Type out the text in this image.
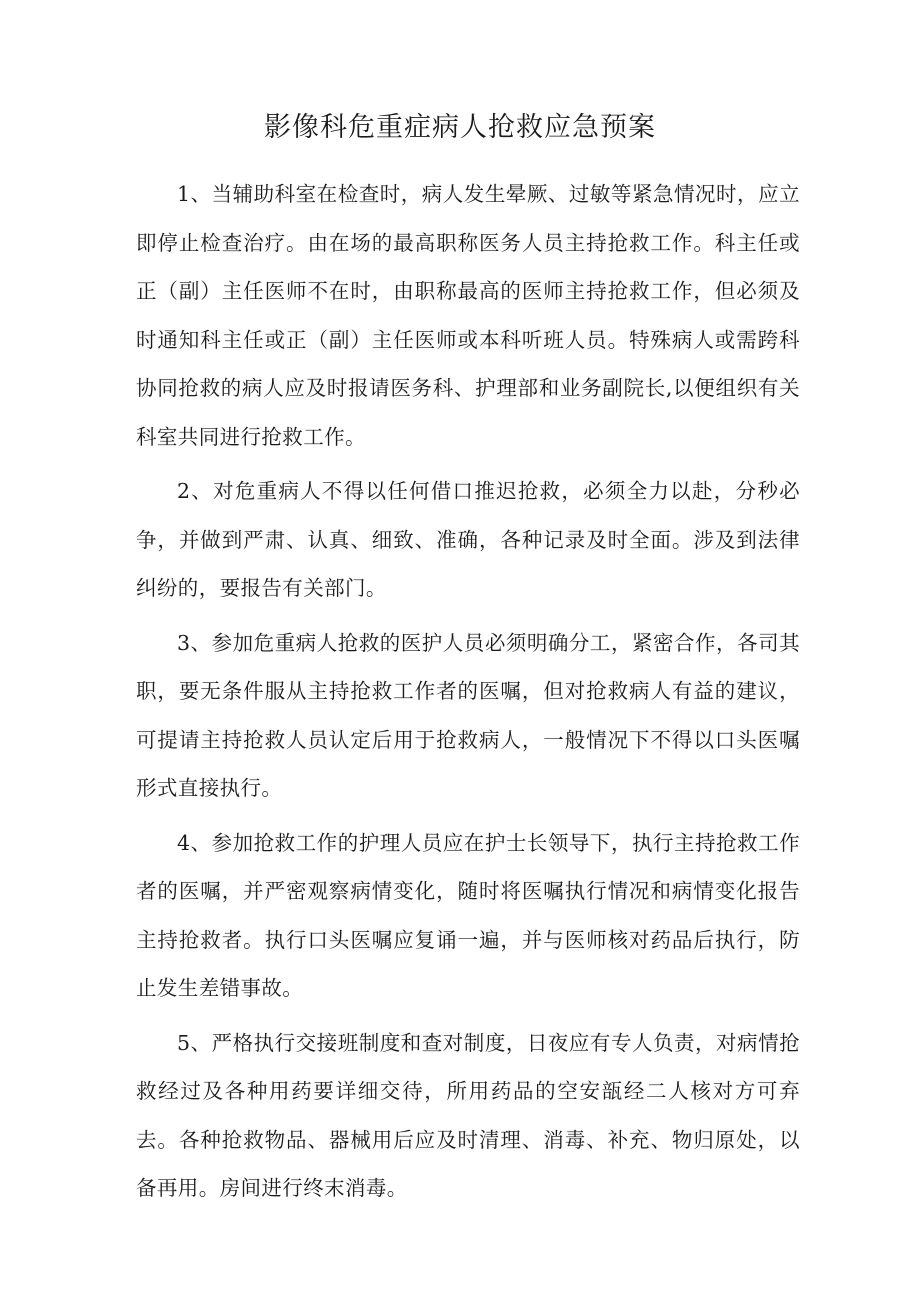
影像科危重症病人抢救应急预案

1、当辅助科室在检查时，病人发生晕厥、过敏等紧急情况时，应立即停止检查治疗。由在场的最高职称医务人员主持抢救工作。科主任或正（副）主任医师不在时，由职称最高的医师主持抢救工作，但必须及时通知科主任或正（副）主任医师或本科听班人员。特殊病人或需跨科协同抢救的病人应及时报请医务科、护理部和业务副院长,以便组织有关科室共同进行抢救工作。

2、对危重病人不得以任何借口推迟抢救，必须全力以赴，分秒必争，并做到严肃、认真、细致、准确，各种记录及时全面。涉及到法律纠纷的，要报告有关部门。

3、参加危重病人抢救的医护人员必须明确分工，紧密合作，各司其职，要无条件服从主持抢救工作者的医嘱，但对抢救病人有益的建议，可提请主持抢救人员认定后用于抢救病人，一般情况下不得以口头医嘱形式直接执行。

4、参加抢救工作的护理人员应在护士长领导下，执行主持抢救工作者的医嘱，并严密观察病情变化，随时将医嘱执行情况和病情变化报告主持抢救者。执行口头医嘱应复诵一遍，并与医师核对药品后执行，防止发生差错事故。

5、严格执行交接班制度和查对制度，日夜应有专人负责，对病情抢救经过及各种用药要详细交待，所用药品的空安瓿经二人核对方可弃去。各种抢救物品、器械用后应及时清理、消毒、补充、物归原处，以备再用。房间进行终末消毒。
